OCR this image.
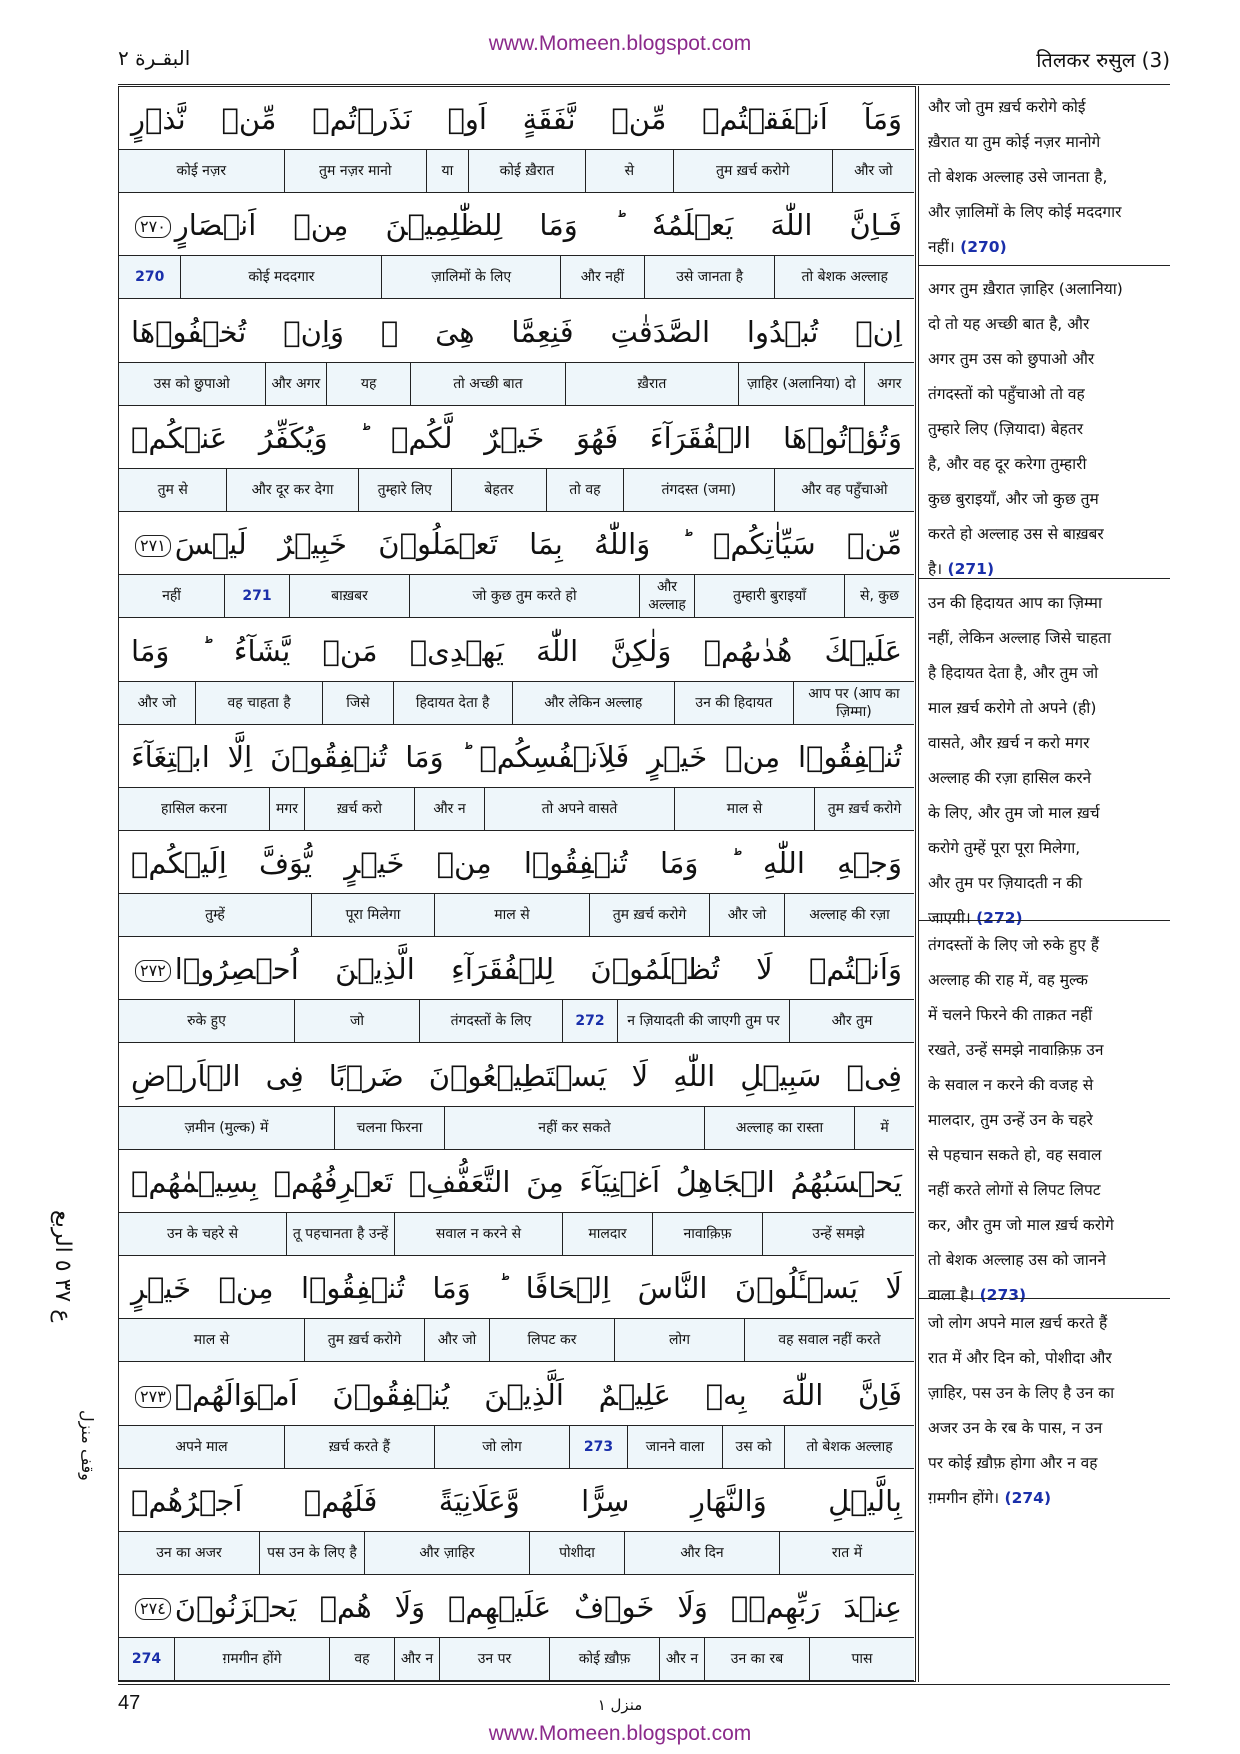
www.Momeen.blogspot.com
البقـرة ٢	तिलकर रुसुल (3)
وَمَآ اَنۡفَقۡتُمۡ مِّنۡ نَّفَقَةٍ اَوۡ نَذَرۡتُمۡ مِّنۡ نَّذۡرٍ
और जो
तुम ख़र्च करोगे
से
कोई ख़ैरात
या
तुम नज़र मानो
कोई नज़र
فَـاِنَّ اللّٰهَ يَعۡلَمُهٗ ؕ وَمَا لِلظّٰلِمِيۡنَ مِنۡ اَنۡصَارٍ٢٧٠
तो बेशक अल्लाह
उसे जानता है
और नहीं
ज़ालिमों के लिए
कोई मददगार
270
اِنۡ تُبۡدُوا الصَّدَقٰتِ فَنِعِمَّا هِىَ ۚ وَاِنۡ تُخۡفُوۡهَا
अगर
ज़ाहिर (अलानिया) दो
ख़ैरात
तो अच्छी बात
यह
और अगर
उस को छुपाओ
وَتُؤۡتُوۡهَا الۡفُقَرَآءَ فَهُوَ خَيۡرٌ لَّكُمۡ ؕ وَيُكَفِّرُ عَنۡكُمۡ
और वह पहुँचाओ
तंगदस्त (जमा)
तो वह
बेहतर
तुम्हारे लिए
और दूर कर देगा
तुम से
مِّنۡ سَيِّاٰتِكُمۡ ؕ وَاللّٰهُ بِمَا تَعۡمَلُوۡنَ خَبِيۡرٌ لَيۡسَ٢٧١
से, कुछ
तुम्हारी बुराइयाँ
और अल्लाह
जो कुछ तुम करते हो
बाख़बर
271
नहीं
عَلَيۡكَ هُدٰٮهُمۡ وَلٰكِنَّ اللّٰهَ يَهۡدِىۡ مَنۡ يَّشَآءُ ؕ وَمَا
आप पर (आप का ज़िम्मा)
उन की हिदायत
और लेकिन अल्लाह
हिदायत देता है
जिसे
वह चाहता है
और जो
تُنۡفِقُوۡا مِنۡ خَيۡرٍ فَلِاَنۡفُسِكُمۡ ؕ وَمَا تُنۡفِقُوۡنَ اِلَّا ابۡتِغَآءَ
तुम ख़र्च करोगे
माल से
तो अपने वासते
और न
ख़र्च करो
मगर
हासिल करना
وَجۡهِ اللّٰهِ ؕ وَمَا تُنۡفِقُوۡا مِنۡ خَيۡرٍ يُّوَفَّ اِلَيۡكُمۡ
अल्लाह की रज़ा
और जो
तुम ख़र्च करोगे
माल से
पूरा मिलेगा
तुम्हें
وَاَنۡتُمۡ لَا تُظۡلَمُوۡنَ لِلۡفُقَرَآءِ الَّذِيۡنَ اُحۡصِرُوۡا٢٧٢
और तुम
न ज़ियादती की जाएगी तुम पर
272
तंगदस्तों के लिए
जो
रुके हुए
فِىۡ سَبِيۡلِ اللّٰهِ لَا يَسۡتَطِيۡعُوۡنَ ضَرۡبًا فِى الۡاَرۡضِ
में
अल्लाह का रास्ता
नहीं कर सकते
चलना फिरना
ज़मीन (मुल्क) में
يَحۡسَبُهُمُ الۡجَاهِلُ اَغۡنِيَآءَ مِنَ التَّعَفُّفِۚ تَعۡرِفُهُمۡ بِسِيۡمٰهُمۡ
उन्हें समझे
नावाक़िफ़
मालदार
सवाल न करने से
तू पहचानता है उन्हें
उन के चहरे से
لَا يَسۡـَٔلُوۡنَ النَّاسَ اِلۡحَافًا ؕ وَمَا تُنۡفِقُوۡا مِنۡ خَيۡرٍ
वह सवाल नहीं करते
लोग
लिपट कर
और जो
तुम ख़र्च करोगे
माल से
فَاِنَّ اللّٰهَ بِهٖ عَلِيۡمٌ اَلَّذِيۡنَ يُنۡفِقُوۡنَ اَمۡوَالَهُمۡ٢٧٣
तो बेशक अल्लाह
उस को
जानने वाला
273
जो लोग
ख़र्च करते हैं
अपने माल
بِالَّيۡلِ وَالنَّهَارِ سِرًّا وَّعَلَانِيَةً فَلَهُمۡ اَجۡرُهُمۡ
रात में
और दिन
पोशीदा
और ज़ाहिर
पस उन के लिए है
उन का अजर
عِنۡدَ رَبِّهِمۡۚ وَلَا خَوۡفٌ عَلَيۡهِمۡ وَلَا هُمۡ يَحۡزَنُوۡنَ٢٧٤
पास
उन का रब
और न
कोई ख़ौफ़
उन पर
और न
वह
ग़मगीन होंगे
274
और जो तुम ख़र्च करोगे कोई
ख़ैरात या तुम कोई नज़र मानोगे
तो बेशक अल्लाह उसे जानता है,
और ज़ालिमों के लिए कोई मददगार
नहीं। (270)
अगर तुम ख़ैरात ज़ाहिर (अलानिया)
दो तो यह अच्छी बात है, और
अगर तुम उस को छुपाओ और
तंगदस्तों को पहुँचाओ तो वह
तुम्हारे लिए (ज़ियादा) बेहतर
है, और वह दूर करेगा तुम्हारी
कुछ बुराइयाँ, और जो कुछ तुम
करते हो अल्लाह उस से बाख़बर
है। (271)
उन की हिदायत आप का ज़िम्मा
नहीं, लेकिन अल्लाह जिसे चाहता
है हिदायत देता है, और तुम जो
माल ख़र्च करोगे तो अपने (ही)
वासते, और ख़र्च न करो मगर
अल्लाह की रज़ा हासिल करने
के लिए, और तुम जो माल ख़र्च
करोगे तुम्हें पूरा पूरा मिलेगा,
और तुम पर ज़ियादती न की
जाएगी। (272)
तंगदस्तों के लिए जो रुके हुए हैं
अल्लाह की राह में, वह मुल्क
में चलने फिरने की ताक़त नहीं
रखते, उन्हें समझे नावाक़िफ़ उन
के सवाल न करने की वजह से
मालदार, तुम उन्हें उन के चहरे
से पहचान सकते हो, वह सवाल
नहीं करते लोगों से लिपट लिपट
कर, और तुम जो माल ख़र्च करोगे
तो बेशक अल्लाह उस को जानने
वाला है। (273)
जो लोग अपने माल ख़र्च करते हैं
रात में और दिन को, पोशीदा और
ज़ाहिर, पस उन के लिए है उन का
अजर उन के रब के पास, न उन
पर कोई ख़ौफ़ होगा और न वह
ग़मगीन होंगे। (274)
ع ٣٧ ٥ الربع
وقف منزل
47	منزل ١
www.Momeen.blogspot.com
